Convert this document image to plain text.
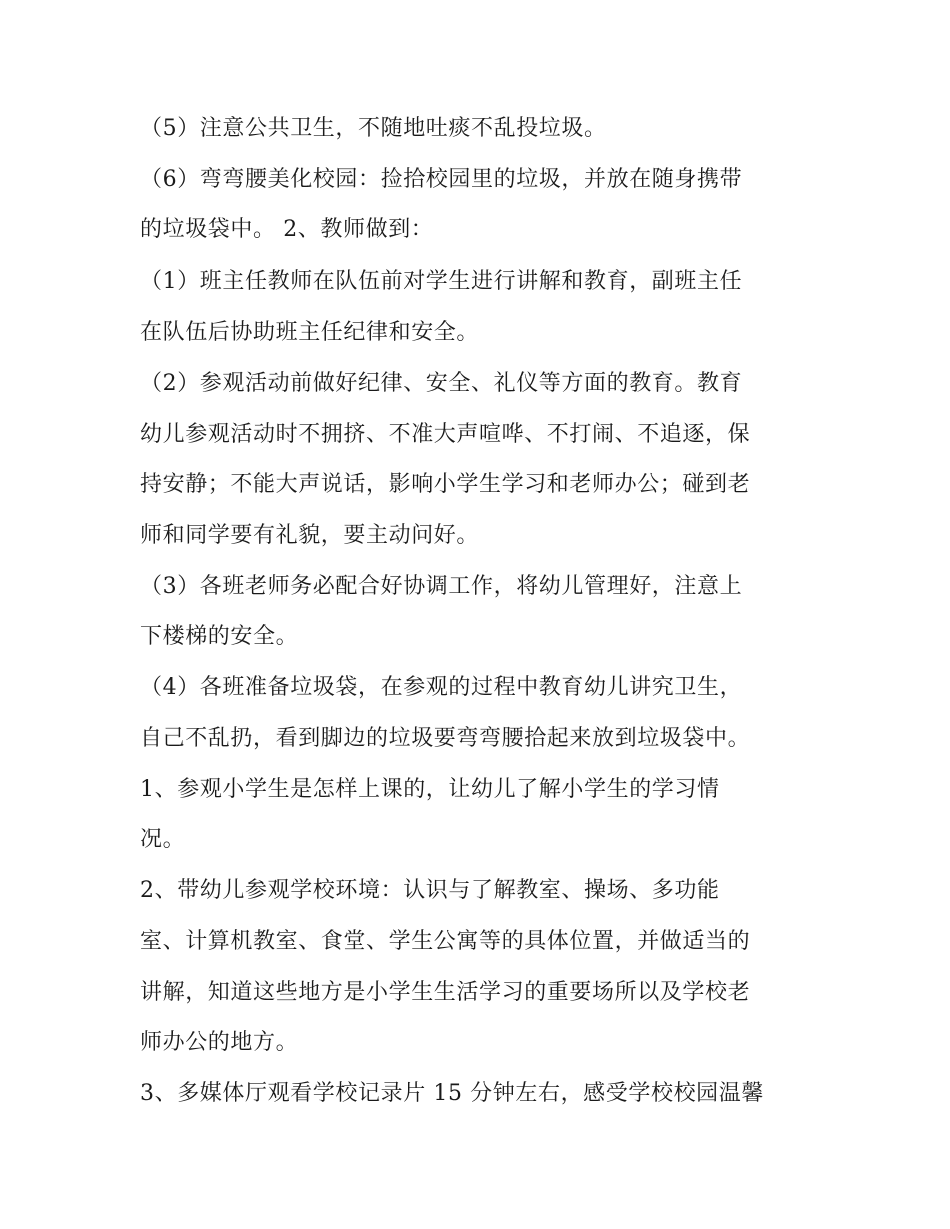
（5）注意公共卫生，不随地吐痰不乱投垃圾。
（6）弯弯腰美化校园：捡拾校园里的垃圾，并放在随身携带
的垃圾袋中。 2、教师做到：
（1）班主任教师在队伍前对学生进行讲解和教育，副班主任
在队伍后协助班主任纪律和安全。
（2）参观活动前做好纪律、安全、礼仪等方面的教育。教育
幼儿参观活动时不拥挤、不准大声喧哗、不打闹、不追逐，保
持安静；不能大声说话，影响小学生学习和老师办公；碰到老
师和同学要有礼貌，要主动问好。
（3）各班老师务必配合好协调工作，将幼儿管理好，注意上
下楼梯的安全。
（4）各班准备垃圾袋，在参观的过程中教育幼儿讲究卫生，
自己不乱扔，看到脚边的垃圾要弯弯腰拾起来放到垃圾袋中。
1、参观小学生是怎样上课的，让幼儿了解小学生的学习情
况。
2、带幼儿参观学校环境：认识与了解教室、操场、多功能
室、计算机教室、食堂、学生公寓等的具体位置，并做适当的
讲解，知道这些地方是小学生生活学习的重要场所以及学校老
师办公的地方。
3、多媒体厅观看学校记录片 15 分钟左右，感受学校校园温馨
